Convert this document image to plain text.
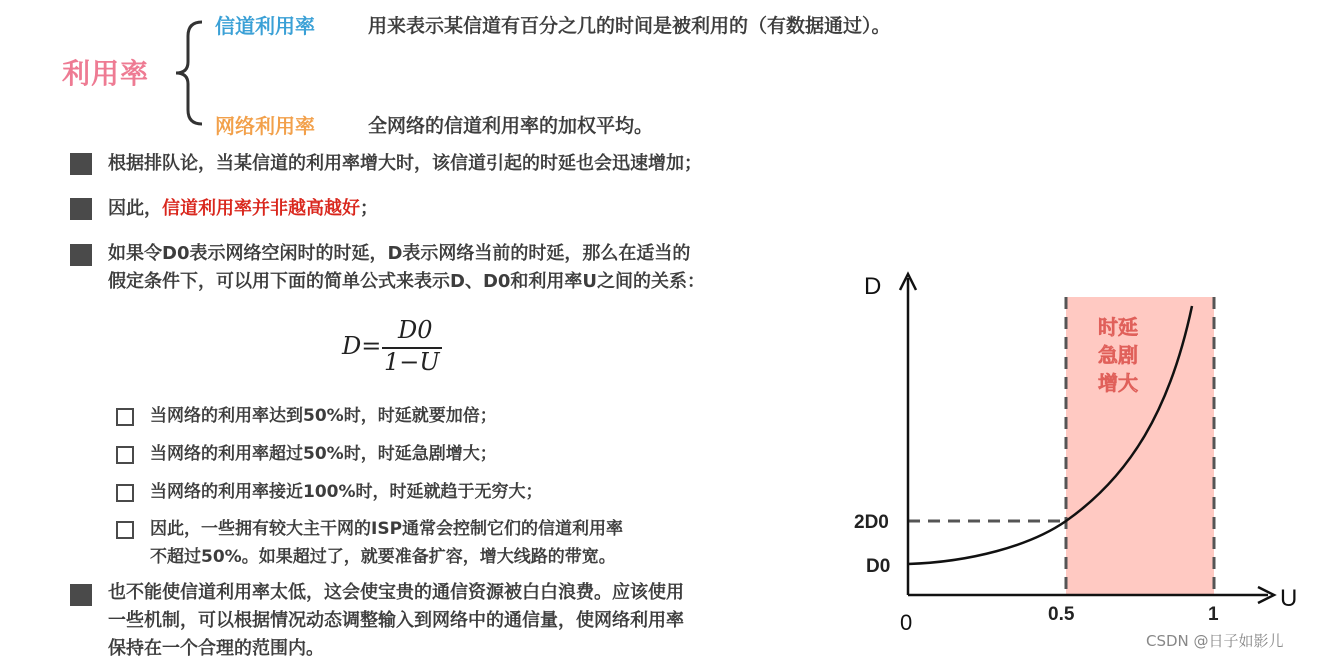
利用率
信道利用率	用来表示某信道有百分之几的时间是被利用的（有数据通过）。
网络利用率	全网络的信道利用率的加权平均。
根据排队论，当某信道的利用率增大时，该信道引起的时延也会迅速增加；
因此，信道利用率并非越高越好；
如果令D0表示网络空闲时的时延，D表示网络当前的时延，那么在适当的
假定条件下，可以用下面的简单公式来表示D、D0和利用率U之间的关系：
D=
D0
1−U
当网络的利用率达到50%时，时延就要加倍；
当网络的利用率超过50%时，时延急剧增大；
当网络的利用率接近100%时，时延就趋于无穷大；
因此，一些拥有较大主干网的ISP通常会控制它们的信道利用率
不超过50%。如果超过了，就要准备扩容，增大线路的带宽。
也不能使信道利用率太低，这会使宝贵的通信资源被白白浪费。应该使用
一些机制，可以根据情况动态调整输入到网络中的通信量，使网络利用率
保持在一个合理的范围内。
D
U
0	0.5	1
2D0
D0
时延
急剧
增大
CSDN @日子如影儿
